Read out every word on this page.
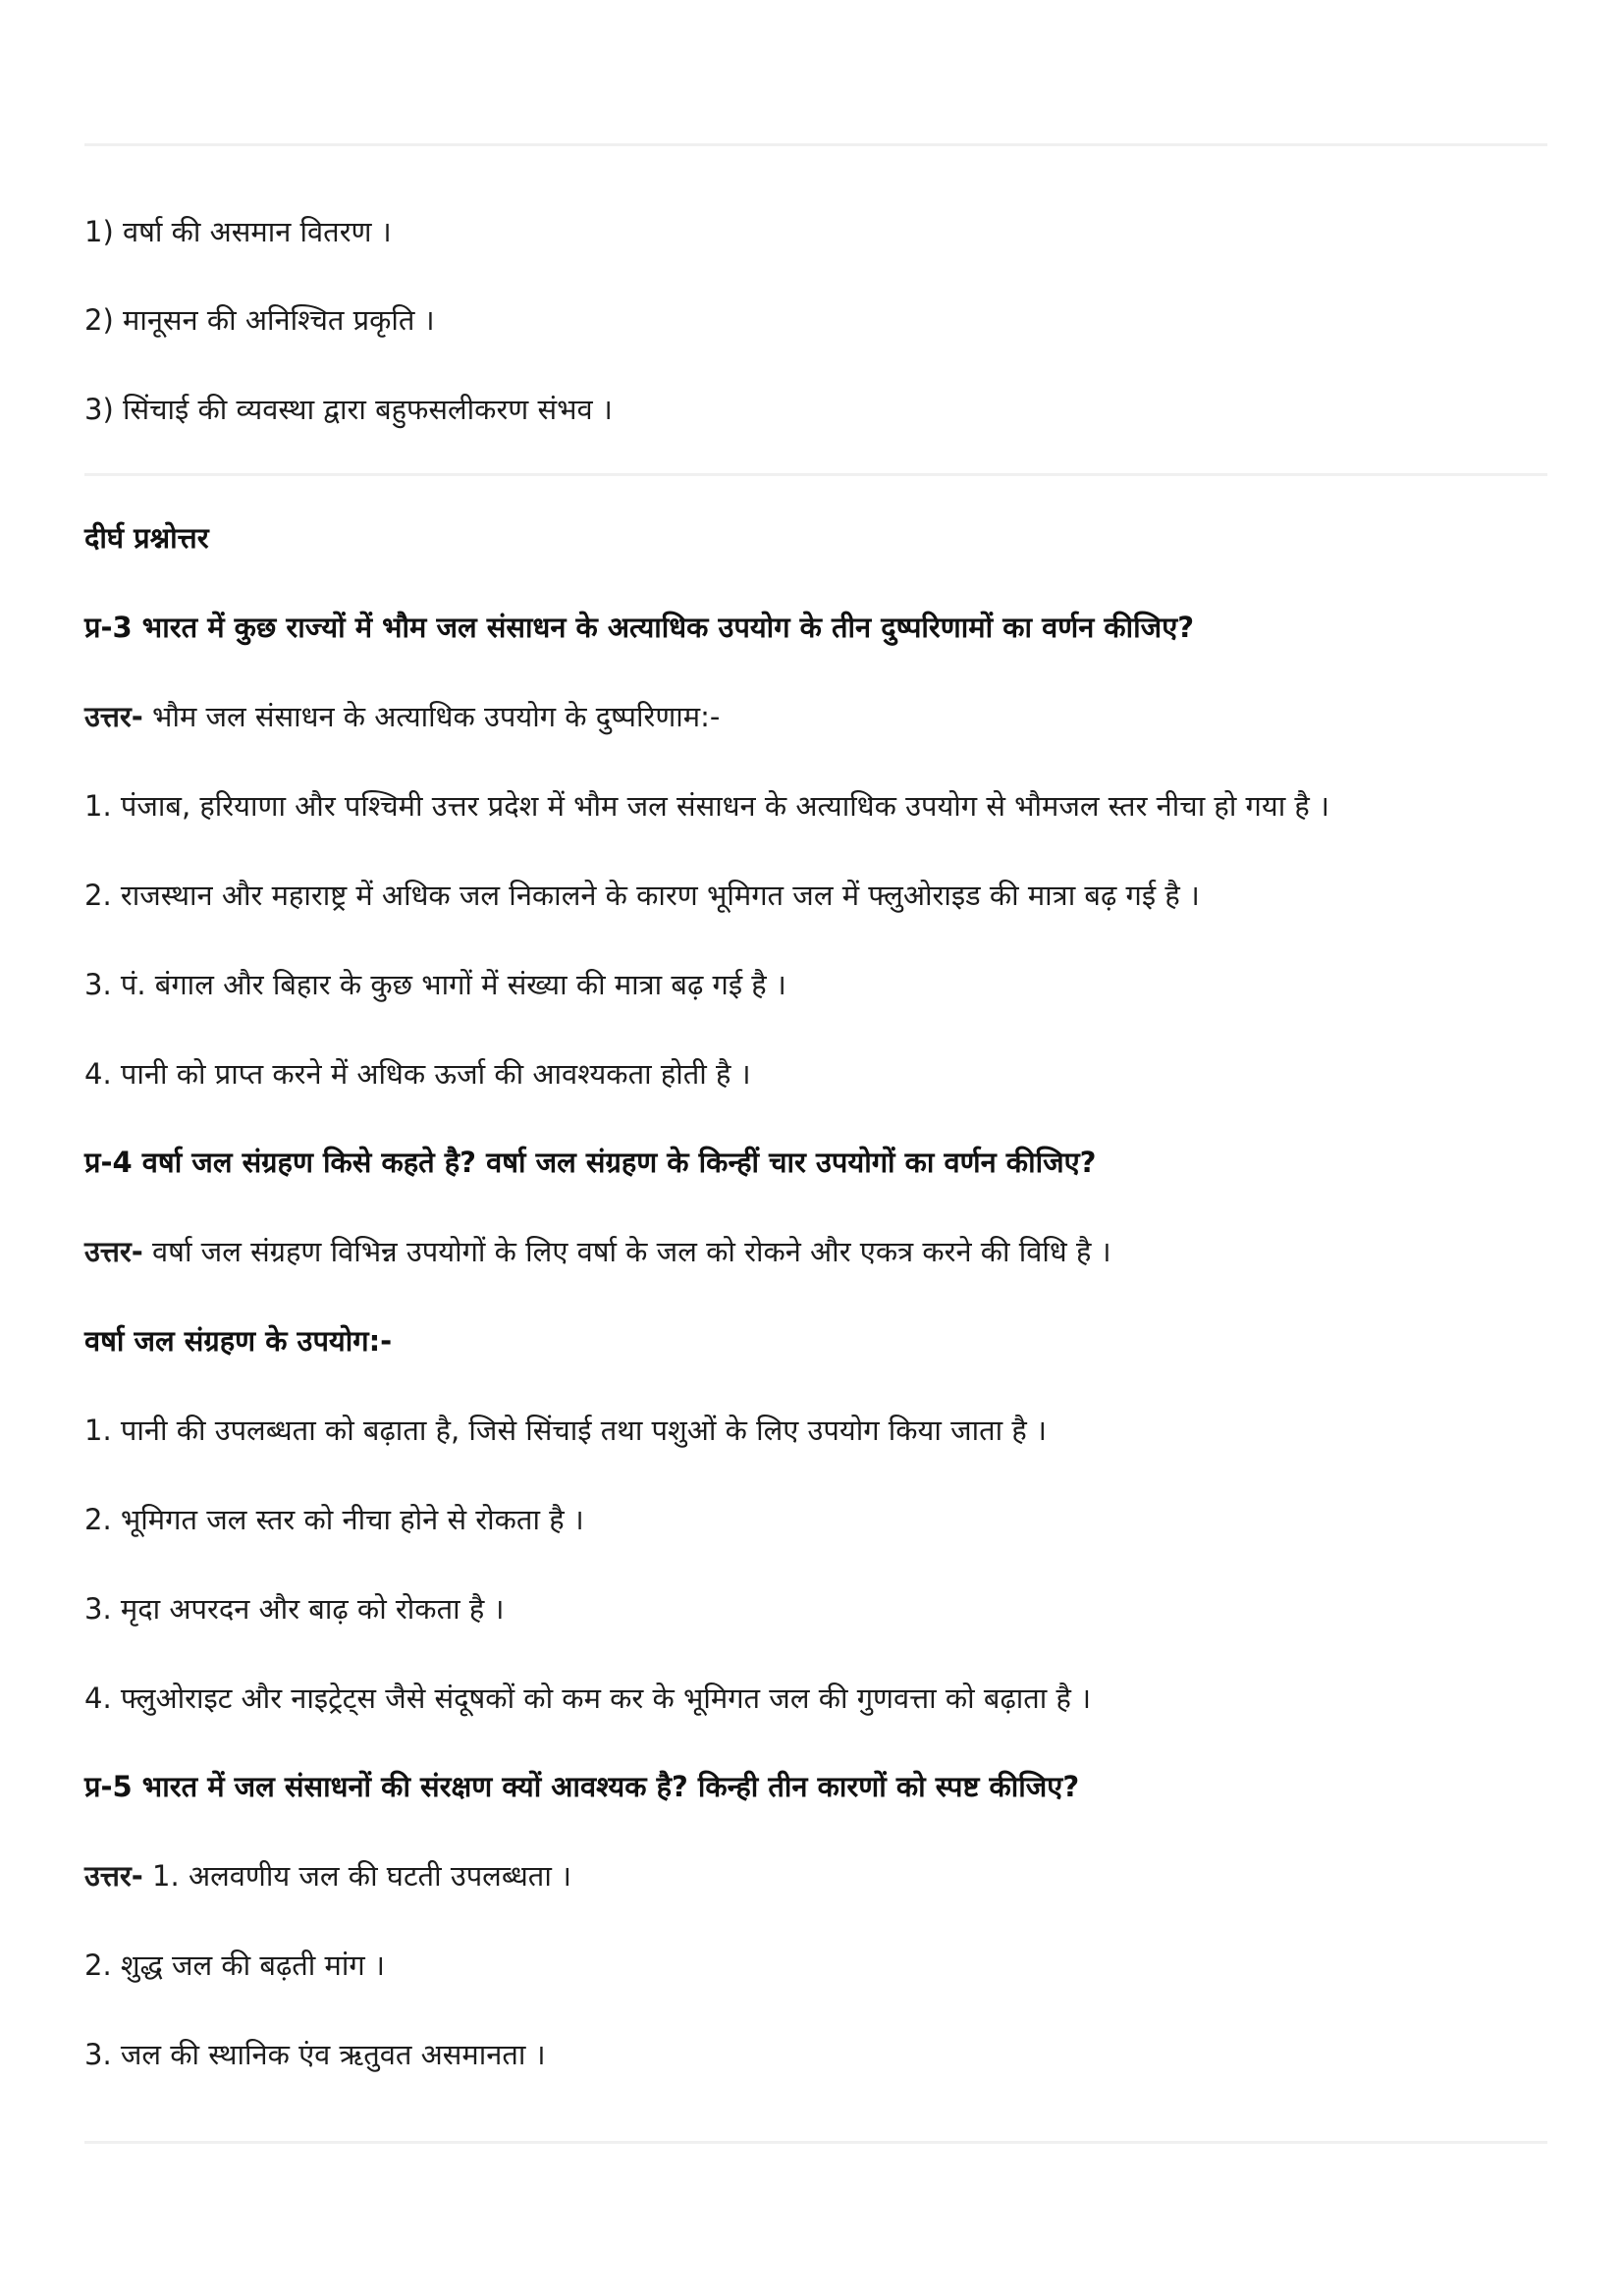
1) वर्षा की असमान वितरण ।
2) मानूसन की अनिश्चित प्रकृति ।
3) सिंचाई की व्यवस्था द्वारा बहुफसलीकरण संभव ।
दीर्घ प्रश्नोत्तर
प्र-3 भारत में कुछ राज्यों में भौम जल संसाधन के अत्याधिक उपयोग के तीन दुष्परिणामों का वर्णन कीजिए?
उत्तर- भौम जल संसाधन के अत्याधिक उपयोग के दुष्परिणाम:-
1. पंजाब, हरियाणा और पश्चिमी उत्तर प्रदेश में भौम जल संसाधन के अत्याधिक उपयोग से भौमजल स्तर नीचा हो गया है ।
2. राजस्थान और महाराष्ट्र में अधिक जल निकालने के कारण भूमिगत जल में फ्लुओराइड की मात्रा बढ़ गई है ।
3. पं. बंगाल और बिहार के कुछ भागों में संख्या की मात्रा बढ़ गई है ।
4. पानी को प्राप्त करने में अधिक ऊर्जा की आवश्यकता होती है ।
प्र-4 वर्षा जल संग्रहण किसे कहते है? वर्षा जल संग्रहण के किन्हीं चार उपयोगों का वर्णन कीजिए?
उत्तर- वर्षा जल संग्रहण विभिन्न उपयोगों के लिए वर्षा के जल को रोकने और एकत्र करने की विधि है ।
वर्षा जल संग्रहण के उपयोग:-
1. पानी की उपलब्धता को बढ़ाता है, जिसे सिंचाई तथा पशुओं के लिए उपयोग किया जाता है ।
2. भूमिगत जल स्तर को नीचा होने से रोकता है ।
3. मृदा अपरदन और बाढ़ को रोकता है ।
4. फ्लुओराइट और नाइट्रेट्स जैसे संदूषकों को कम कर के भूमिगत जल की गुणवत्ता को बढ़ाता है ।
प्र-5 भारत में जल संसाधनों की संरक्षण क्यों आवश्यक है? किन्ही तीन कारणों को स्पष्ट कीजिए?
उत्तर- 1. अलवणीय जल की घटती उपलब्धता ।
2. शुद्ध जल की बढ़ती मांग ।
3. जल की स्थानिक एंव ऋतुवत असमानता ।
